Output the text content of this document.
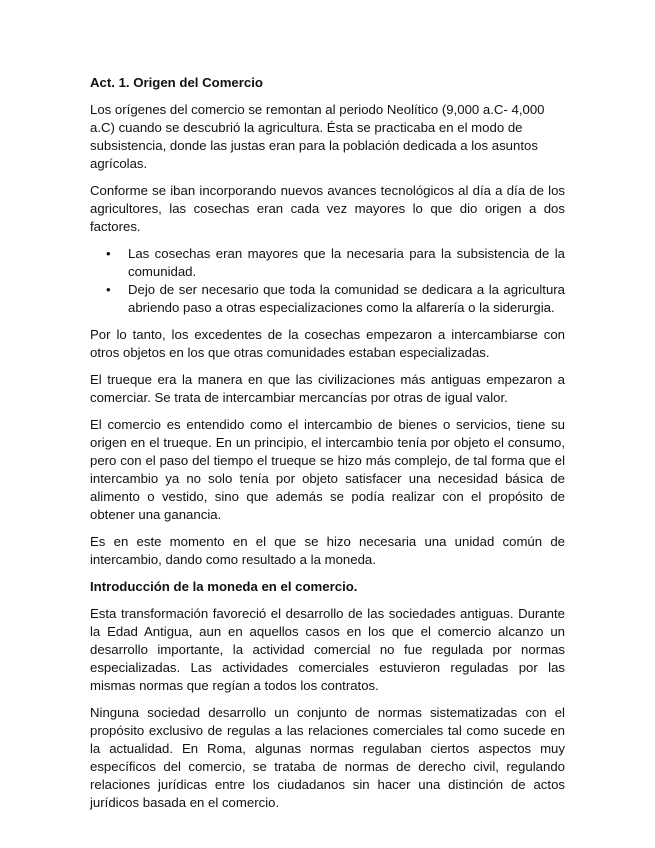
Act. 1. Origen del Comercio

Los orígenes del comercio se remontan al periodo Neolítico (9,000 a.C- 4,000 a.C) cuando se descubrió la agricultura. Ésta se practicaba en el modo de subsistencia, donde las justas eran para la población dedicada a los asuntos agrícolas.

Conforme se iban incorporando nuevos avances tecnológicos al día a día de los agricultores, las cosechas eran cada vez mayores lo que dio origen a dos factores.

• Las cosechas eran mayores que la necesaria para la subsistencia de la comunidad.
• Dejo de ser necesario que toda la comunidad se dedicara a la agricultura abriendo paso a otras especializaciones como la alfarería o la siderurgia.

Por lo tanto, los excedentes de la cosechas empezaron a intercambiarse con otros objetos en los que otras comunidades estaban especializadas.

El trueque era la manera en que las civilizaciones más antiguas empezaron a comerciar. Se trata de intercambiar mercancías por otras de igual valor.

El comercio es entendido como el intercambio de bienes o servicios, tiene su origen en el trueque. En un principio, el intercambio tenía por objeto el consumo, pero con el paso del tiempo el trueque se hizo más complejo, de tal forma que el intercambio ya no solo tenía por objeto satisfacer una necesidad básica de alimento o vestido, sino que además se podía realizar con el propósito de obtener una ganancia.

Es en este momento en el que se hizo necesaria una unidad común de intercambio, dando como resultado a la moneda.

Introducción de la moneda en el comercio.

Esta transformación favoreció el desarrollo de las sociedades antiguas. Durante la Edad Antigua, aun en aquellos casos en los que el comercio alcanzo un desarrollo importante, la actividad comercial no fue regulada por normas especializadas. Las actividades comerciales estuvieron reguladas por las mismas normas que regían a todos los contratos.

Ninguna sociedad desarrollo un conjunto de normas sistematizadas con el propósito exclusivo de regulas a las relaciones comerciales tal como sucede en la actualidad. En Roma, algunas normas regulaban ciertos aspectos muy específicos del comercio, se trataba de normas de derecho civil, regulando relaciones jurídicas entre los ciudadanos sin hacer una distinción de actos jurídicos basada en el comercio.
